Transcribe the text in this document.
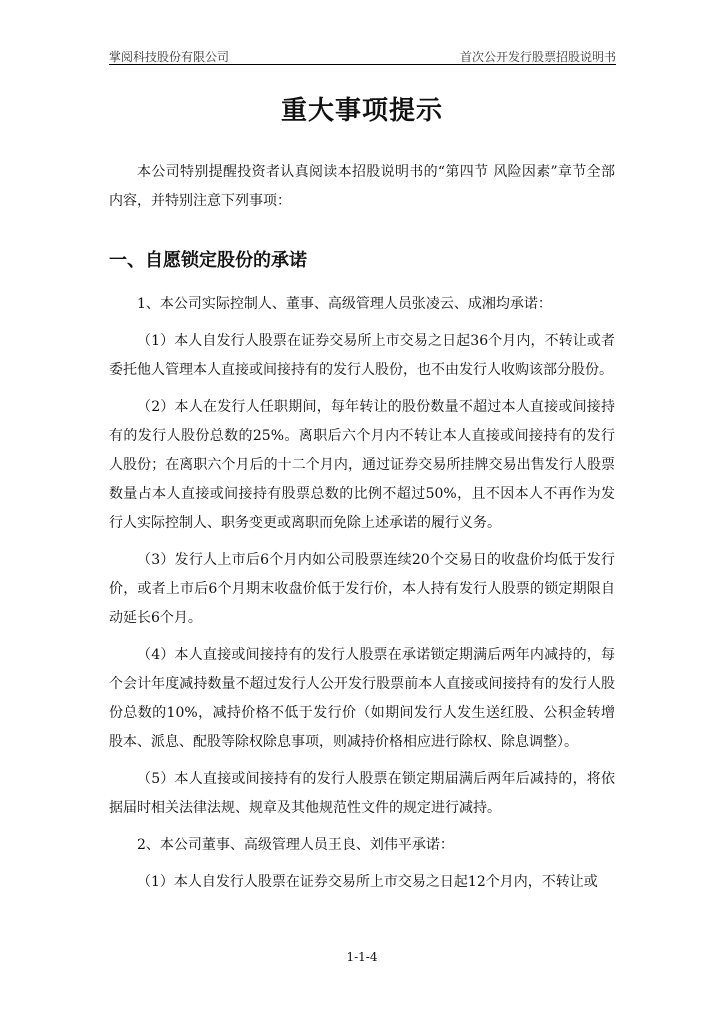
掌阅科技股份有限公司	首次公开发行股票招股说明书
重大事项提示

本公司特别提醒投资者认真阅读本招股说明书的“第四节 风险因素”章节全部内容，并特别注意下列事项：

一、自愿锁定股份的承诺

1、本公司实际控制人、董事、高级管理人员张凌云、成湘均承诺：

（1）本人自发行人股票在证券交易所上市交易之日起36个月内，不转让或者委托他人管理本人直接或间接持有的发行人股份，也不由发行人收购该部分股份。

（2）本人在发行人任职期间，每年转让的股份数量不超过本人直接或间接持有的发行人股份总数的25%。离职后六个月内不转让本人直接或间接持有的发行人股份；在离职六个月后的十二个月内，通过证券交易所挂牌交易出售发行人股票数量占本人直接或间接持有股票总数的比例不超过50%，且不因本人不再作为发行人实际控制人、职务变更或离职而免除上述承诺的履行义务。

（3）发行人上市后6个月内如公司股票连续20个交易日的收盘价均低于发行价，或者上市后6个月期末收盘价低于发行价，本人持有发行人股票的锁定期限自动延长6个月。

（4）本人直接或间接持有的发行人股票在承诺锁定期满后两年内减持的，每个会计年度减持数量不超过发行人公开发行股票前本人直接或间接持有的发行人股份总数的10%，减持价格不低于发行价（如期间发行人发生送红股、公积金转增股本、派息、配股等除权除息事项，则减持价格相应进行除权、除息调整）。

（5）本人直接或间接持有的发行人股票在锁定期届满后两年后减持的，将依据届时相关法律法规、规章及其他规范性文件的规定进行减持。

2、本公司董事、高级管理人员王良、刘伟平承诺：

（1）本人自发行人股票在证券交易所上市交易之日起12个月内，不转让或

1-1-4
